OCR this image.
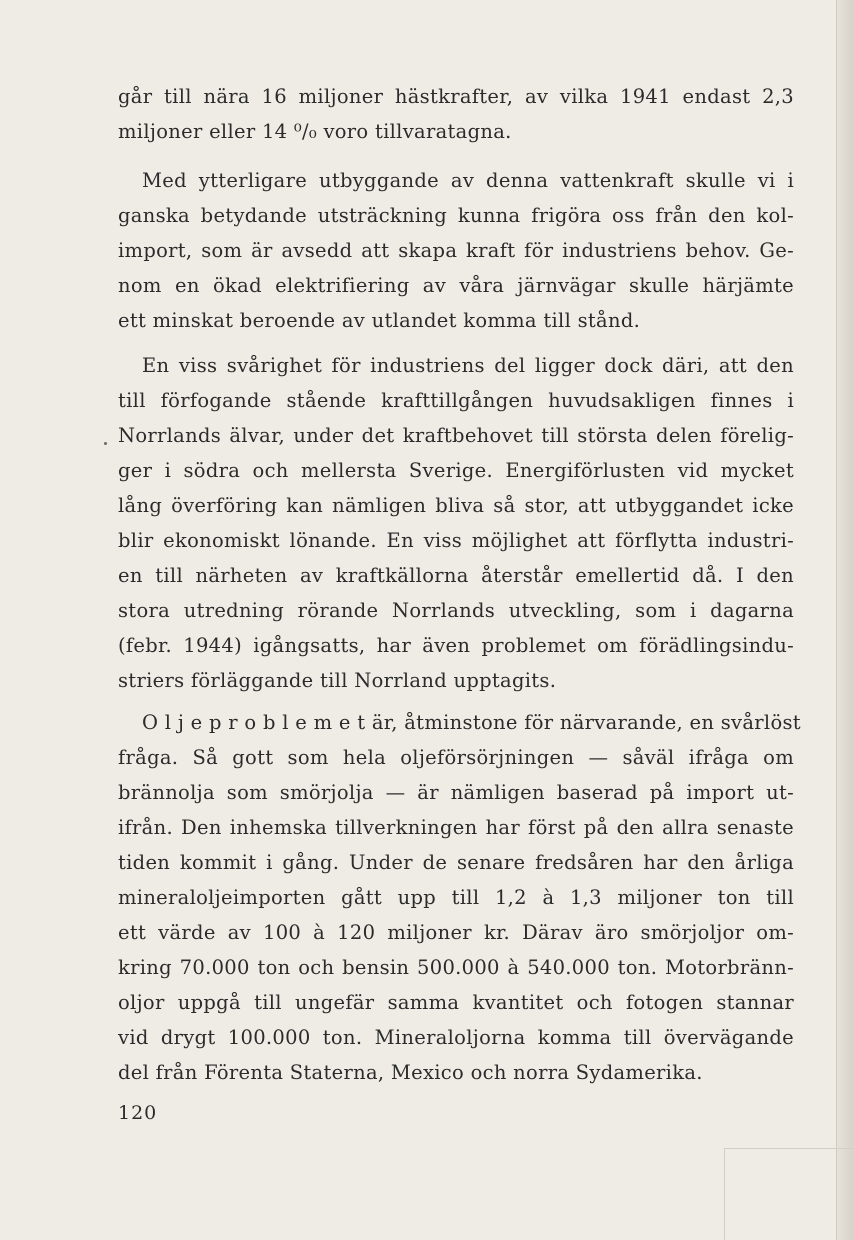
går till nära 16 miljoner hästkrafter, av vilka 1941 endast 2,3
miljoner eller 14 ⁰/₀ voro tillvaratagna.
Med ytterligare utbyggande av denna vattenkraft skulle vi i
ganska betydande utsträckning kunna frigöra oss från den kol-
import, som är avsedd att skapa kraft för industriens behov. Ge-
nom en ökad elektrifiering av våra järnvägar skulle härjämte
ett minskat beroende av utlandet komma till stånd.
En viss svårighet för industriens del ligger dock däri, att den
till förfogande stående krafttillgången huvudsakligen finnes i
Norrlands älvar, under det kraftbehovet till största delen förelig-
ger i södra och mellersta Sverige. Energiförlusten vid mycket
lång överföring kan nämligen bliva så stor, att utbyggandet icke
blir ekonomiskt lönande. En viss möjlighet att förflytta industri-
en till närheten av kraftkällorna återstår emellertid då. I den
stora utredning rörande Norrlands utveckling, som i dagarna
(febr. 1944) igångsatts, har även problemet om förädlingsindu-
striers förläggande till Norrland upptagits.
O l j e p r o b l e m e t är, åtminstone för närvarande, en svårlöst
fråga. Så gott som hela oljeförsörjningen — såväl ifråga om
brännolja som smörjolja — är nämligen baserad på import ut-
ifrån. Den inhemska tillverkningen har först på den allra senaste
tiden kommit i gång. Under de senare fredsåren har den årliga
mineraloljeimporten gått upp till 1,2 à 1,3 miljoner ton till
ett värde av 100 à 120 miljoner kr. Därav äro smörjoljor om-
kring 70.000 ton och bensin 500.000 à 540.000 ton. Motorbränn-
oljor uppgå till ungefär samma kvantitet och fotogen stannar
vid drygt 100.000 ton. Mineraloljorna komma till övervägande
del från Förenta Staterna, Mexico och norra Sydamerika.
120
